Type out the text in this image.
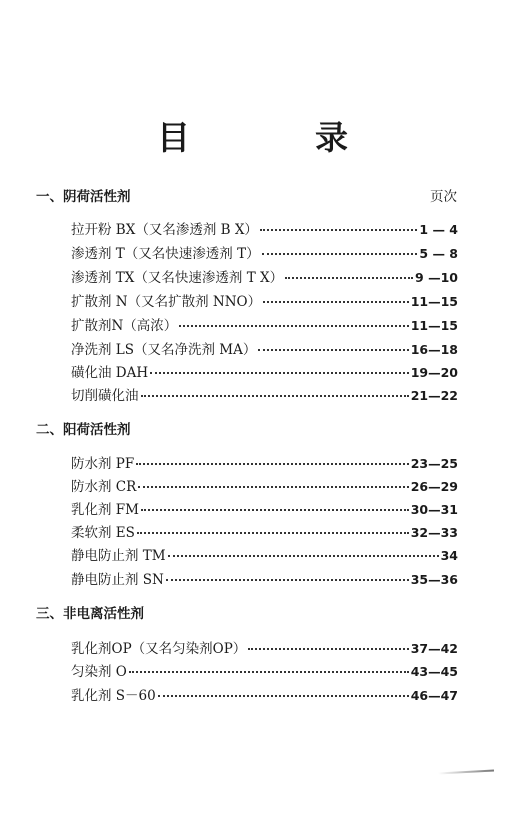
目　录
页次
一、阴荷活性剂
拉开粉 BX（又名渗透剂 B X）	1 — 4
渗透剂 T（又名快速渗透剂 T）	5 — 8
渗透剂 TX（又名快速渗透剂 T X）	9 —10
扩散剂 N（又名扩散剂 NNO）	11—15
扩散剂N（高浓）	11—15
净洗剂 LS（又名净洗剂 MA）	16—18
磺化油 DAH	19—20
切削磺化油	21—22
二、阳荷活性剂
防水剂 PF	23—25
防水剂 CR	26—29
乳化剂 FM	30—31
柔软剂 ES	32—33
静电防止剂 TM	34
静电防止剂 SN	35—36
三、非电离活性剂
乳化剂OP（又名匀染剂OP）	37—42
匀染剂 O	43—45
乳化剂 S－60	46—47
